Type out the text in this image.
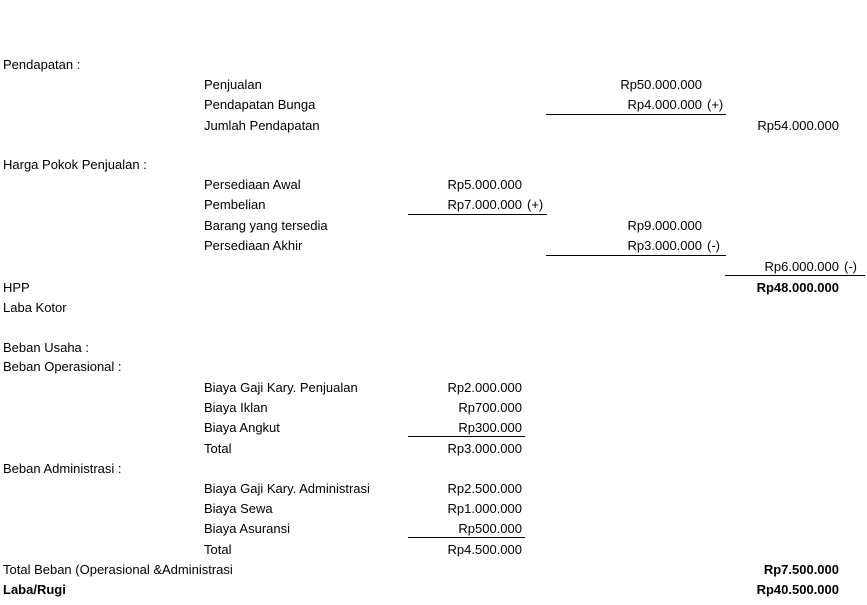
Pendapatan :
Penjualan	Rp50.000.000
Pendapatan Bunga	Rp4.000.000 (+)
Jumlah Pendapatan	Rp54.000.000
Harga Pokok Penjualan :
Persediaan Awal	Rp5.000.000
Pembelian	Rp7.000.000 (+)
Barang yang tersedia	Rp9.000.000
Persediaan Akhir	Rp3.000.000 (-)
Rp6.000.000 (-)
HPP	Rp48.000.000
Laba Kotor
Beban Usaha :
Beban Operasional :
Biaya Gaji Kary. Penjualan	Rp2.000.000
Biaya Iklan	Rp700.000
Biaya Angkut	Rp300.000
Total	Rp3.000.000
Beban Administrasi :
Biaya Gaji Kary. Administrasi	Rp2.500.000
Biaya Sewa	Rp1.000.000
Biaya Asuransi	Rp500.000
Total	Rp4.500.000
Total Beban (Operasional &Administrasi	Rp7.500.000
Laba/Rugi	Rp40.500.000
